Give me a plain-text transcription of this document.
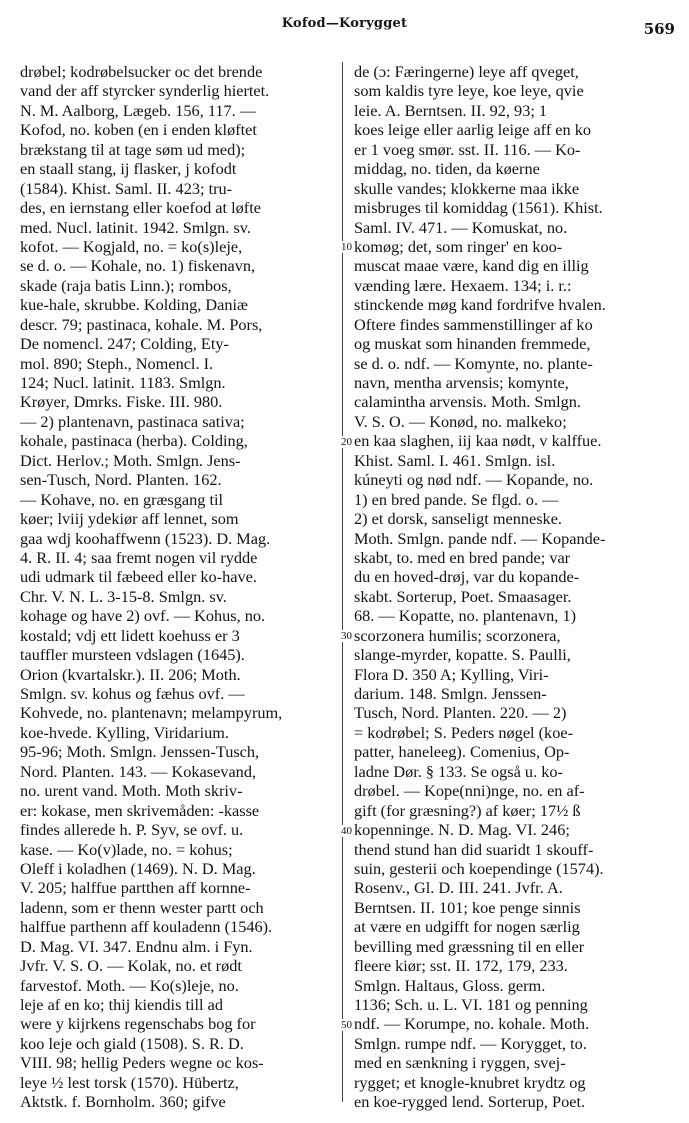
Kofod—Korygget	569
drøbel; kodrøbelsucker oc det brende
vand der aff styrcker synderlig hiertet.
N. M. Aalborg, Lægeb. 156, 117. —
Kofod, no. koben (en i enden kløftet
brækstang til at tage søm ud med);
en staall stang, ij flasker, j kofodt
(1584). Khist. Saml. II. 423; tru-
des, en iernstang eller koefod at løfte
med. Nucl. latinit. 1942. Smlgn. sv.
kofot. — Kogjald, no. = ko(s)leje,
se d. o. — Kohale, no. 1) fiskenavn,
skade (raja batis Linn.); rombos,
kue-hale, skrubbe. Kolding, Daniæ
descr. 79; pastinaca, kohale. M. Pors,
De nomencl. 247; Colding, Ety-
mol. 890; Steph., Nomencl. I.
124; Nucl. latinit. 1183. Smlgn.
Krøyer, Dmrks. Fiske. III. 980.
— 2) plantenavn, pastinaca sativa;
kohale, pastinaca (herba). Colding,
Dict. Herlov.; Moth. Smlgn. Jens-
sen-Tusch, Nord. Planten. 162.
— Kohave, no. en græsgang til
køer; lviij ydekiør aff lennet, som
gaa wdj koohaffwenn (1523). D. Mag.
4. R. II. 4; saa fremt nogen vil rydde
udi udmark til fæbeed eller ko-have.
Chr. V. N. L. 3-15-8. Smlgn. sv.
kohage og have 2) ovf. — Kohus, no.
kostald; vdj ett lidett koehuss er 3
tauffler mursteen vdslagen (1645).
Orion (kvartalskr.). II. 206; Moth.
Smlgn. sv. kohus og fæhus ovf. —
Kohvede, no. plantenavn; melampyrum,
koe-hvede. Kylling, Viridarium.
95-96; Moth. Smlgn. Jenssen-Tusch,
Nord. Planten. 143. — Kokasevand,
no. urent vand. Moth. Moth skriv-
er: kokase, men skrivemåden: -kasse
findes allerede h. P. Syv, se ovf. u.
kase. — Ko(v)lade, no. = kohus;
Oleff i koladhen (1469). N. D. Mag.
V. 205; halffue partthen aff kornne-
ladenn, som er thenn wester partt och
halffue parthenn aff kouladenn (1546).
D. Mag. VI. 347. Endnu alm. i Fyn.
Jvfr. V. S. O. — Kolak, no. et rødt
farvestof. Moth. — Ko(s)leje, no.
leje af en ko; thij kiendis till ad
were y kijrkens regenschabs bog for
koo leje och giald (1508). S. R. D.
VIII. 98; hellig Peders wegne oc kos-
leye ½ lest torsk (1570). Hübertz,
Aktstk. f. Bornholm. 360; gifve
10
20
30
40
50
de (ɔ: Færingerne) leye aff qveget,
som kaldis tyre leye, koe leye, qvie
leie. A. Berntsen. II. 92, 93; 1
koes leige eller aarlig leige aff en ko
er 1 voeg smør. sst. II. 116. — Ko-
middag, no. tiden, da køerne
skulle vandes; klokkerne maa ikke
misbruges til komiddag (1561). Khist.
Saml. IV. 471. — Komuskat, no.
komøg; det, som ringer' en koo-
muscat maae være, kand dig en illig
vænding lære. Hexaem. 134; i. r.:
stinckende møg kand fordrifve hvalen.
Oftere findes sammenstillinger af ko
og muskat som hinanden fremmede,
se d. o. ndf. — Komynte, no. plante-
navn, mentha arvensis; komynte,
calamintha arvensis. Moth. Smlgn.
V. S. O. — Konød, no. malkeko;
en kaa slaghen, iij kaa nødt, v kalffue.
Khist. Saml. I. 461. Smlgn. isl.
kúneyti og nød ndf. — Kopande, no.
1) en bred pande. Se flgd. o. —
2) et dorsk, sanseligt menneske.
Moth. Smlgn. pande ndf. — Kopande-
skabt, to. med en bred pande; var
du en hoved-drøj, var du kopande-
skabt. Sorterup, Poet. Smaasager.
68. — Kopatte, no. plantenavn, 1)
scorzonera humilis; scorzonera,
slange-myrder, kopatte. S. Paulli,
Flora D. 350 A; Kylling, Viri-
darium. 148. Smlgn. Jenssen-
Tusch, Nord. Planten. 220. — 2)
= kodrøbel; S. Peders nøgel (koe-
patter, haneleeg). Comenius, Op-
ladne Dør. § 133. Se også u. ko-
drøbel. — Kope(nni)nge, no. en af-
gift (for græsning?) af køer; 17½ ß
kopenninge. N. D. Mag. VI. 246;
thend stund han did suaridt 1 skouff-
suin, gesterii och koependinge (1574).
Rosenv., Gl. D. III. 241. Jvfr. A.
Berntsen. II. 101; koe penge sinnis
at være en udgifft for nogen særlig
bevilling med græssning til en eller
fleere kiør; sst. II. 172, 179, 233.
Smlgn. Haltaus, Gloss. germ.
1136; Sch. u. L. VI. 181 og penning
ndf. — Korumpe, no. kohale. Moth.
Smlgn. rumpe ndf. — Korygget, to.
med en sænkning i ryggen, svej-
rygget; et knogle-knubret krydtz og
en koe-rygged lend. Sorterup, Poet.
